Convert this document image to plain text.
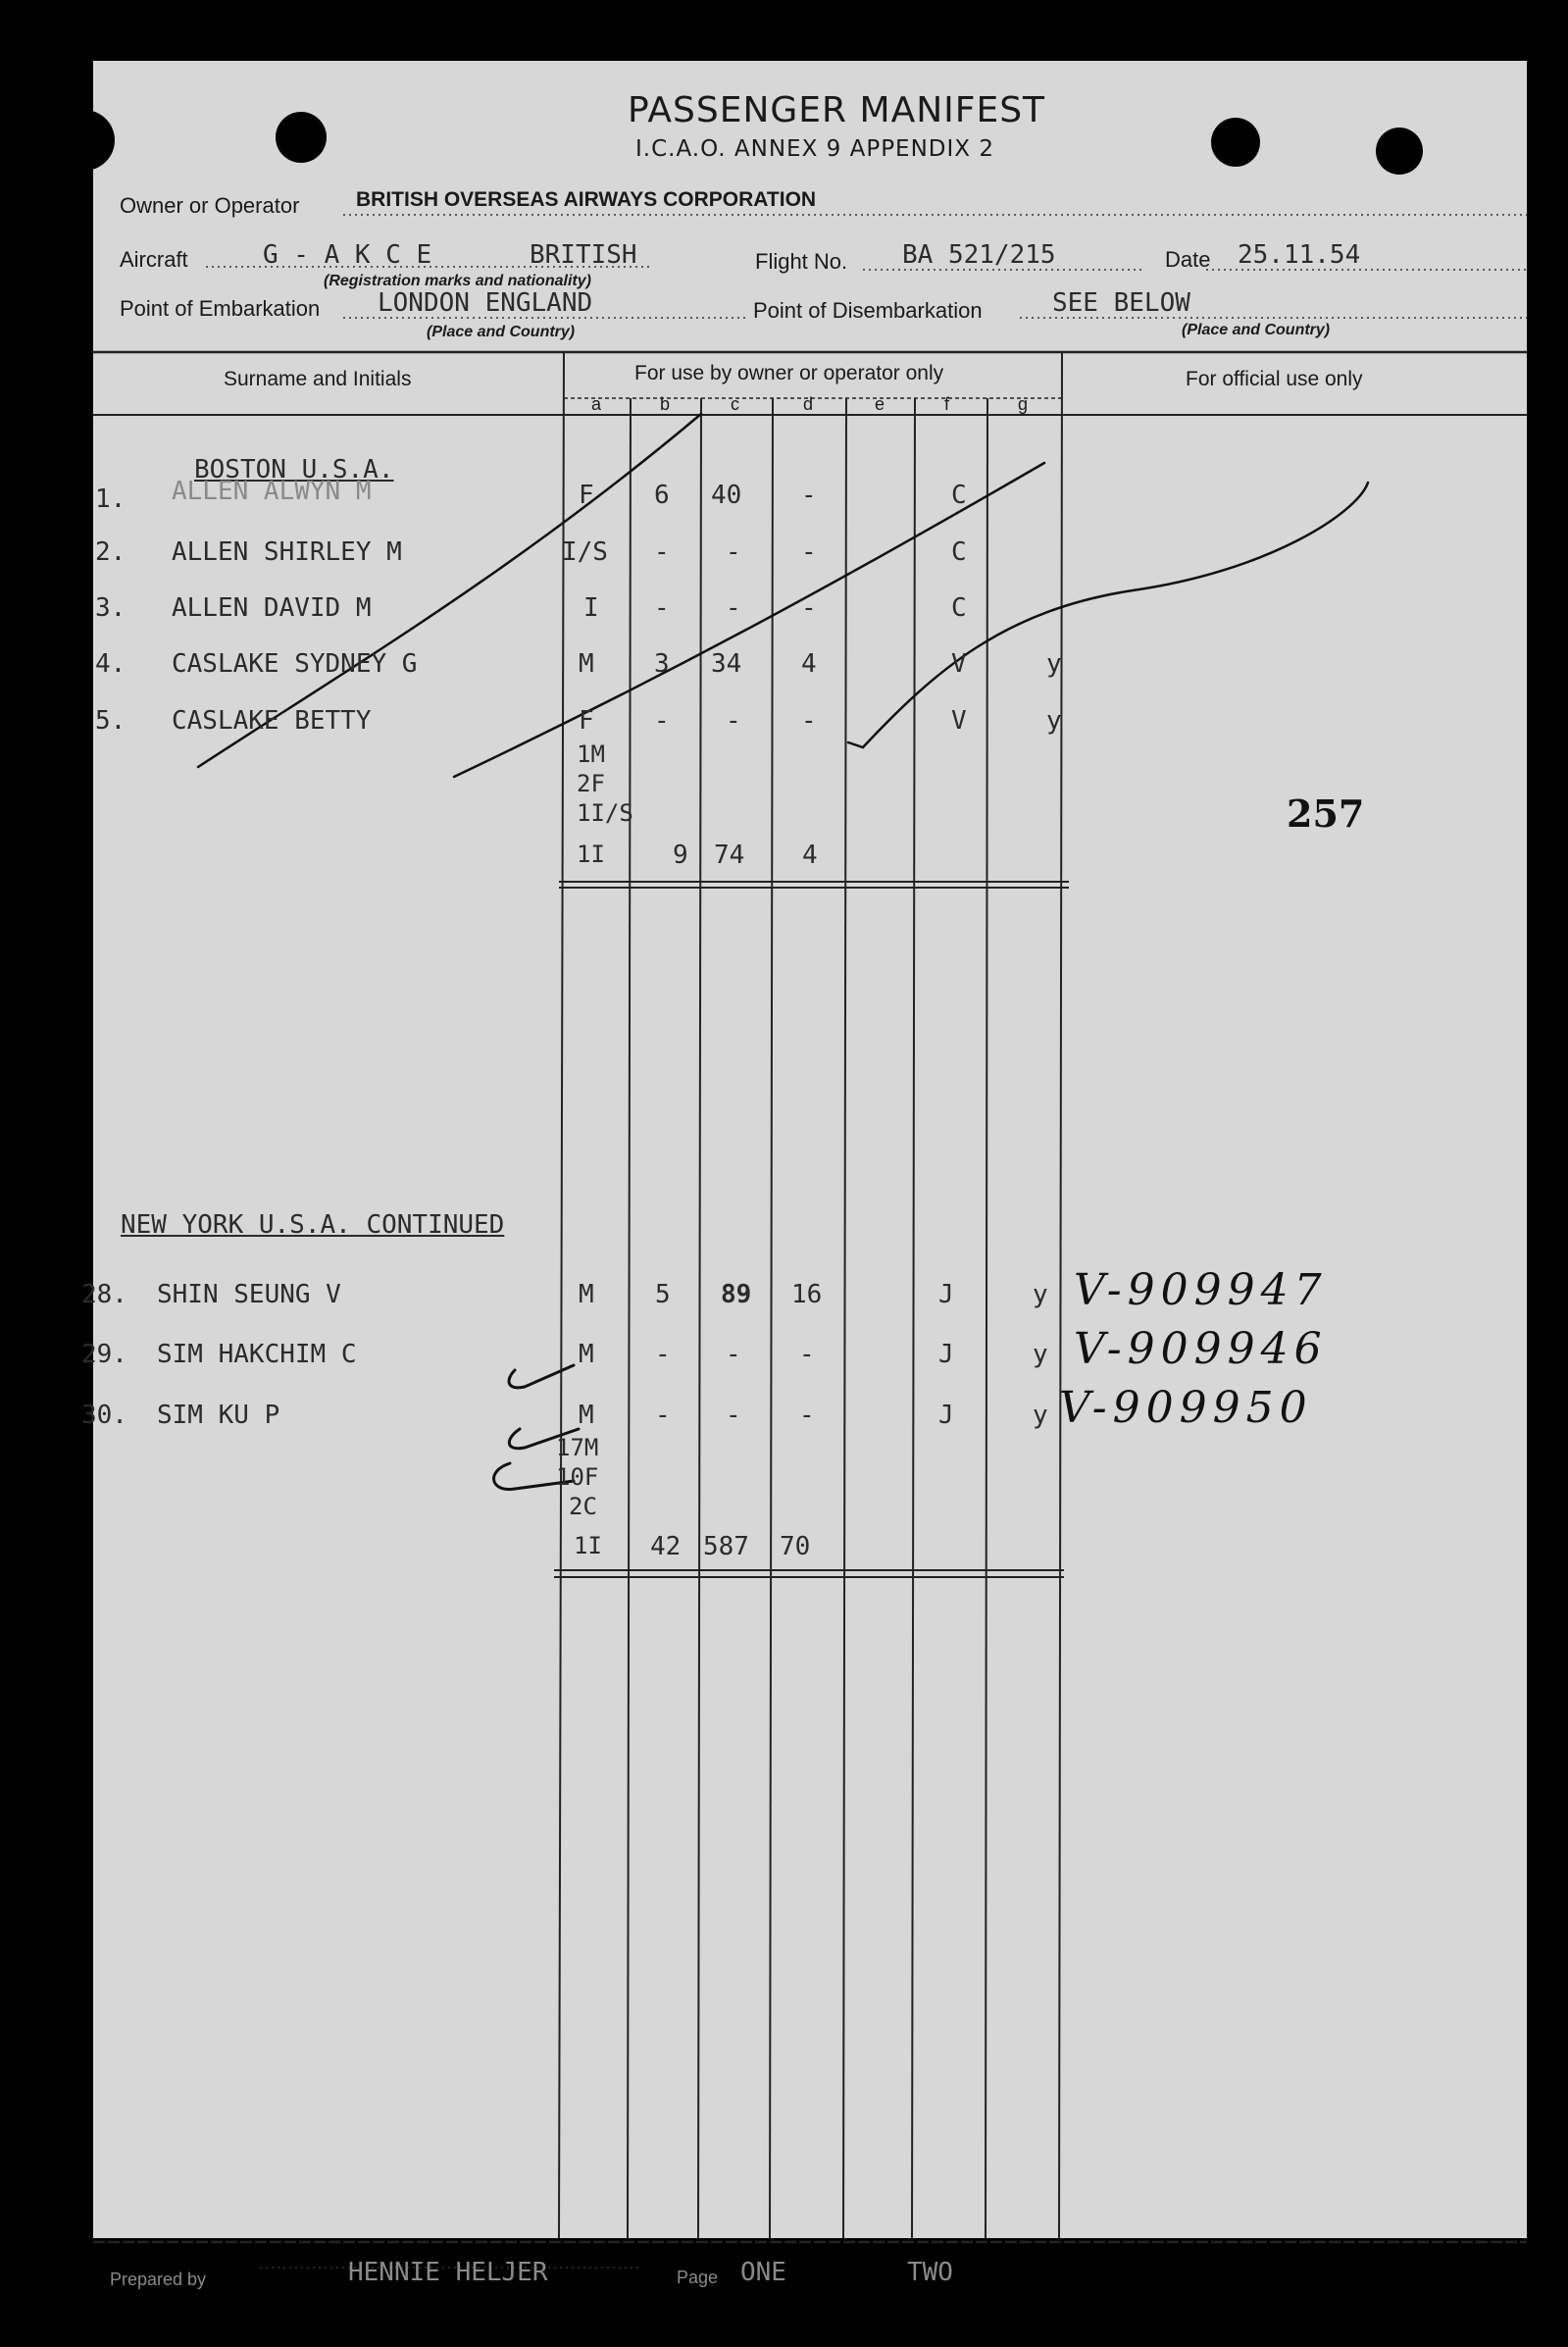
PASSENGER MANIFEST
I.C.A.O. ANNEX 9 APPENDIX 2
Owner or Operator	BRITISH OVERSEAS AIRWAYS CORPORATION
Aircraft	G - A K C E	BRITISH
(Registration marks and nationality)
Flight No. BA 521/215	Date 25.11.54
Point of Embarkation LONDON ENGLAND
(Place and Country)
Point of Disembarkation	SEE BELOW
(Place and Country)
Surname and Initials	For use by owner or operator only	For official use only
a	b	c	d	e	f	g
BOSTON U.S.A.
1. ALLEN ALWYN M	F 6 40 -	C
2. ALLEN SHIRLEY M	I/S - - -	C
3. ALLEN DAVID M	I - - -	C
4. CASLAKE SYDNEY G	M 3 34 4	V	y
5. CASLAKE BETTY	F - - -	V	y
1M
2F
1I/S
1I	9 74 4
257
NEW YORK U.S.A. CONTINUED
28. SHIN SEUNG V	M 5 89 16	J	y V-909947
29. SIM HAKCHIM C	M - - -	J	y V-909946
30. SIM KU P	M - - -	J	y V-909950
17M
10F
2C
1I 42 587 70
Prepared by	HENNIE HELJER	Page ONE	TWO
